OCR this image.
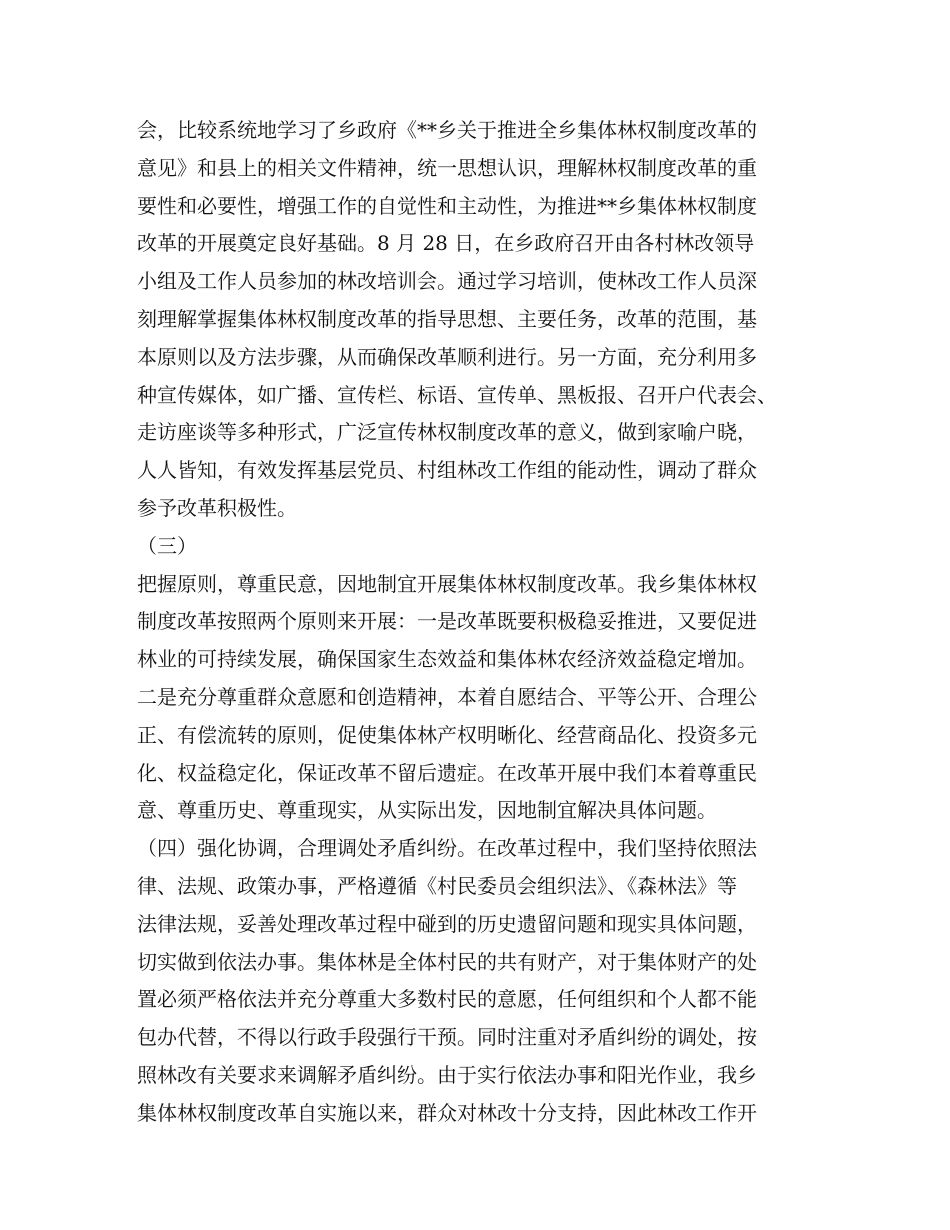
会，比较系统地学习了乡政府《**乡关于推进全乡集体林权制度改革的
意见》和县上的相关文件精神，统一思想认识，理解林权制度改革的重
要性和必要性，增强工作的自觉性和主动性，为推进**乡集体林权制度
改革的开展奠定良好基础。8 月 28 日，在乡政府召开由各村林改领导
小组及工作人员参加的林改培训会。通过学习培训，使林改工作人员深
刻理解掌握集体林权制度改革的指导思想、主要任务，改革的范围，基
本原则以及方法步骤，从而确保改革顺利进行。另一方面，充分利用多
种宣传媒体，如广播、宣传栏、标语、宣传单、黑板报、召开户代表会、
走访座谈等多种形式，广泛宣传林权制度改革的意义，做到家喻户晓，
人人皆知，有效发挥基层党员、村组林改工作组的能动性，调动了群众
参予改革积极性。
（三）
把握原则，尊重民意，因地制宜开展集体林权制度改革。我乡集体林权
制度改革按照两个原则来开展：一是改革既要积极稳妥推进，又要促进
林业的可持续发展，确保国家生态效益和集体林农经济效益稳定增加。
二是充分尊重群众意愿和创造精神，本着自愿结合、平等公开、合理公
正、有偿流转的原则，促使集体林产权明晰化、经营商品化、投资多元
化、权益稳定化，保证改革不留后遗症。在改革开展中我们本着尊重民
意、尊重历史、尊重现实，从实际出发，因地制宜解决具体问题。
（四）强化协调，合理调处矛盾纠纷。在改革过程中，我们坚持依照法
律、法规、政策办事，严格遵循《村民委员会组织法》、《森林法》等
法律法规，妥善处理改革过程中碰到的历史遗留问题和现实具体问题，
切实做到依法办事。集体林是全体村民的共有财产，对于集体财产的处
置必须严格依法并充分尊重大多数村民的意愿，任何组织和个人都不能
包办代替，不得以行政手段强行干预。同时注重对矛盾纠纷的调处，按
照林改有关要求来调解矛盾纠纷。由于实行依法办事和阳光作业，我乡
集体林权制度改革自实施以来，群众对林改十分支持，因此林改工作开
